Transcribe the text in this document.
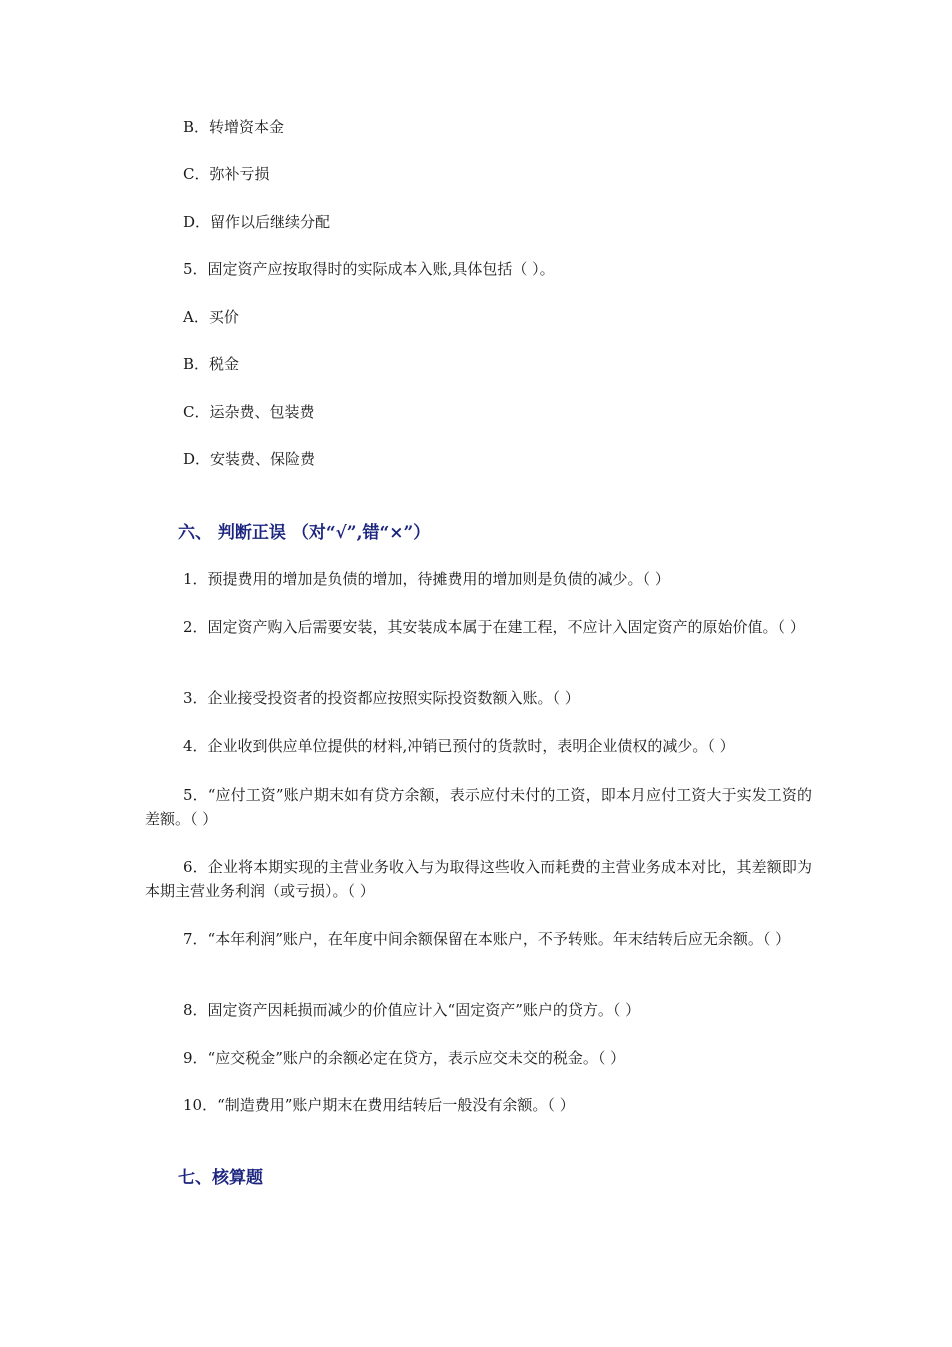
B．转增资本金
C．弥补亏损
D．留作以后继续分配
5．固定资产应按取得时的实际成本入账,具体包括（ ）。
A．买价
B．税金
C．运杂费、包装费
D．安装费、保险费
六、 判断正误 （对“√”,错“×”）
1．预提费用的增加是负债的增加，待摊费用的增加则是负债的减少。（ ）
2．固定资产购入后需要安装，其安装成本属于在建工程，不应计入固定资产的原始价值。（ ）
3．企业接受投资者的投资都应按照实际投资数额入账。（ ）
4．企业收到供应单位提供的材料,冲销已预付的货款时，表明企业债权的减少。（ ）
5．“应付工资”账户期末如有贷方余额，表示应付未付的工资，即本月应付工资大于实发工资的差额。（ ）
6．企业将本期实现的主营业务收入与为取得这些收入而耗费的主营业务成本对比，其差额即为本期主营业务利润（或亏损）。（ ）
7．“本年利润”账户，在年度中间余额保留在本账户，不予转账。年末结转后应无余额。（ ）
8．固定资产因耗损而减少的价值应计入“固定资产”账户的贷方。（ ）
9．“应交税金”账户的余额必定在贷方，表示应交未交的税金。（ ）
10．“制造费用”账户期末在费用结转后一般没有余额。（ ）
七、核算题
